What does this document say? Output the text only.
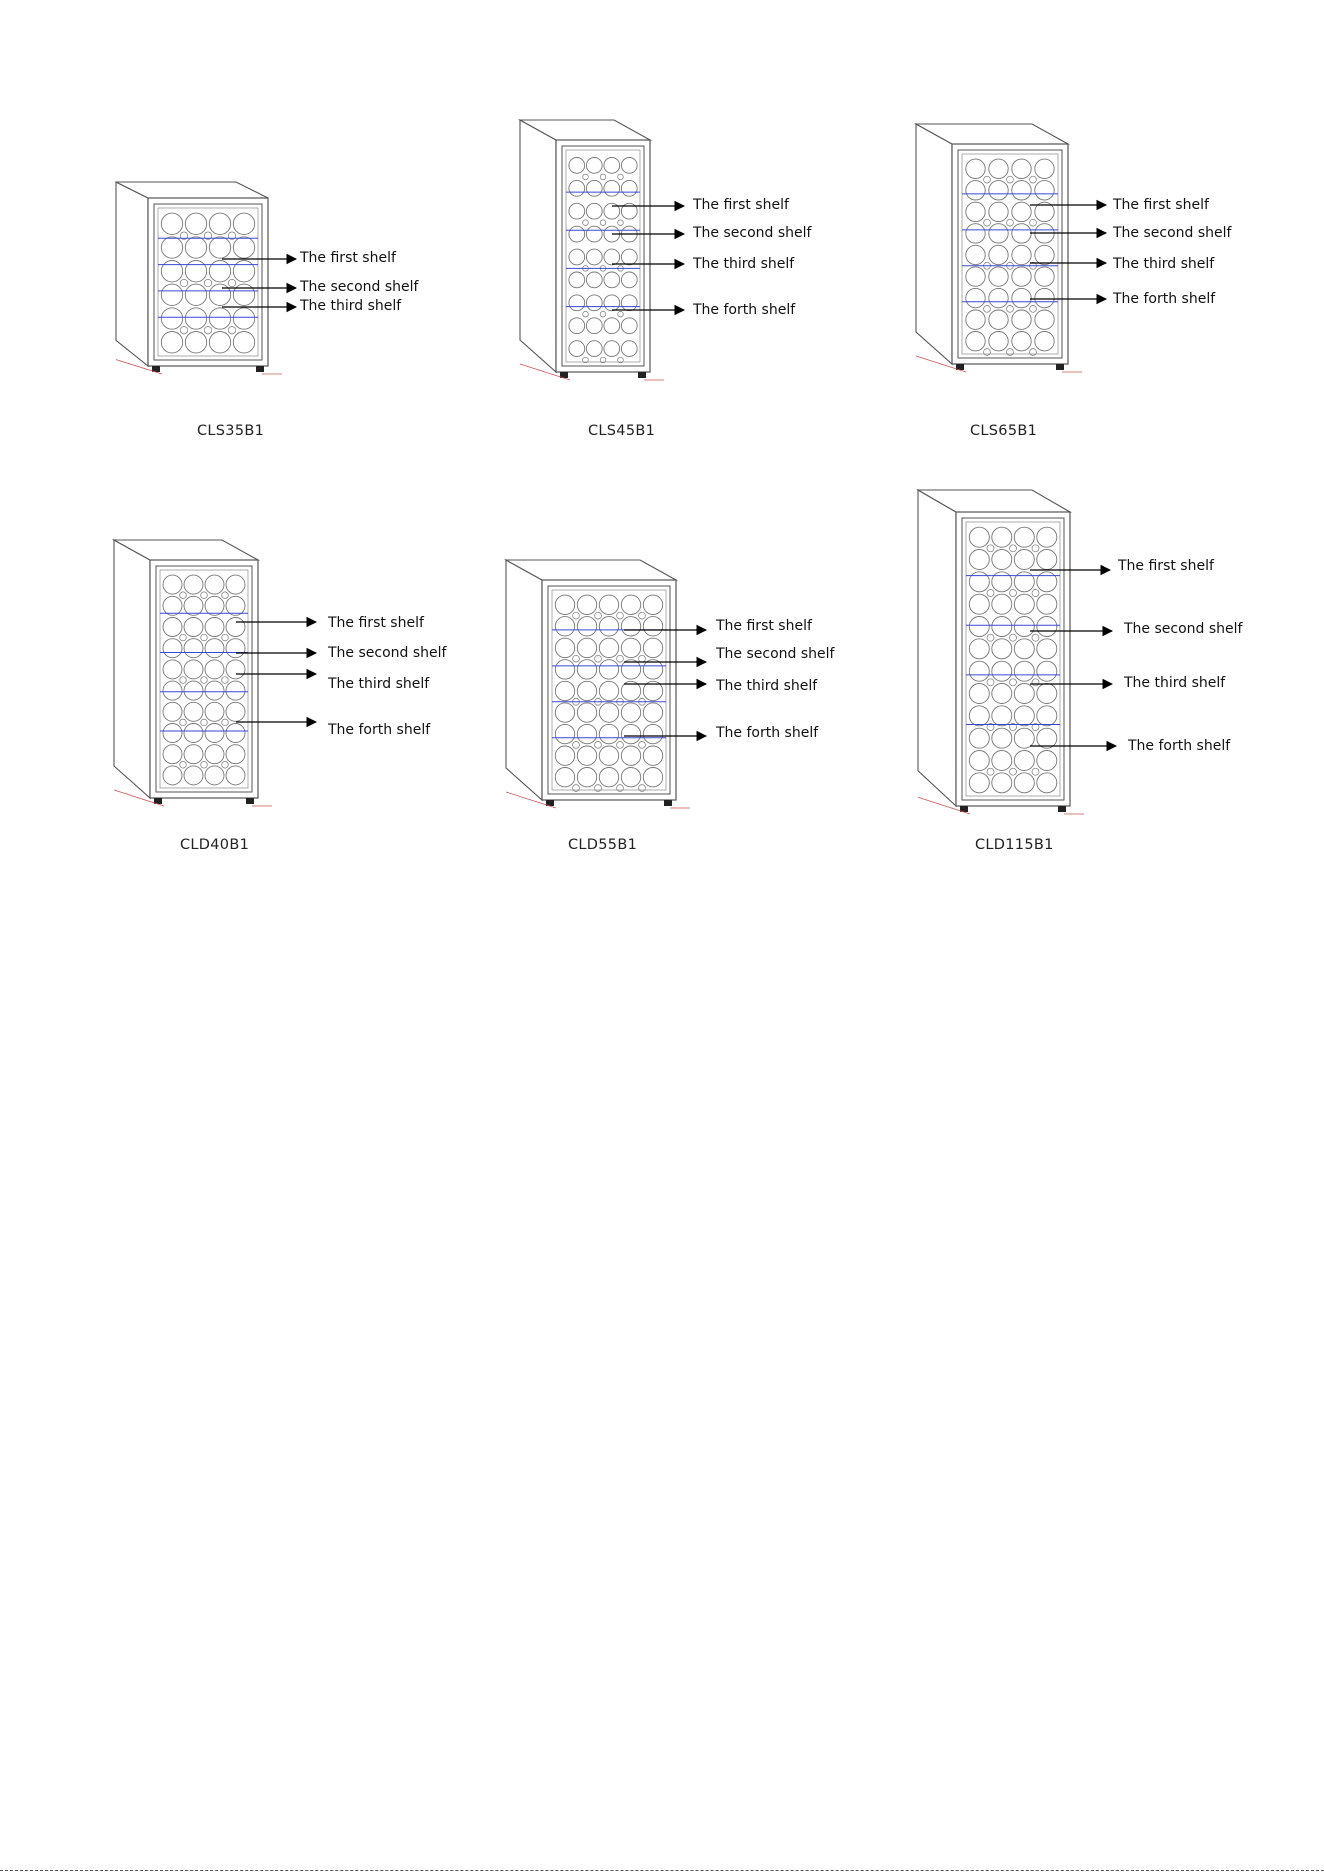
The first shelf
The second shelf
The third shelf
CLS35B1
The first shelf
The second shelf
The third shelf
The forth shelf
CLS45B1
The first shelf
The second shelf
The third shelf
The forth shelf
CLS65B1
The first shelf
The second shelf
The third shelf
The forth shelf
CLD40B1
The first shelf
The second shelf
The third shelf
The forth shelf
CLD55B1
The first shelf
The second shelf
The third shelf
The forth shelf
CLD115B1
